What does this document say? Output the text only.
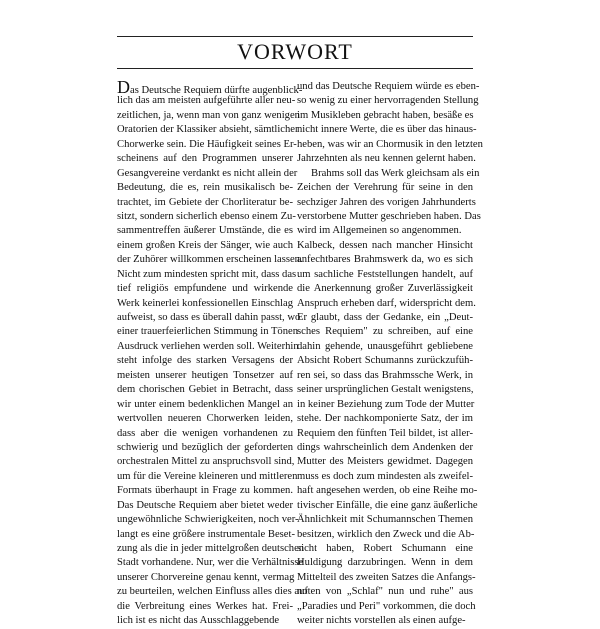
VORWORT
Das Deutsche Requiem dürfte augenblick-
lich das am meisten aufgeführte aller neu-
zeitlichen, ja, wenn man von ganz wenigen
Oratorien der Klassiker absieht, sämtlicher
Chorwerke sein. Die Häufigkeit seines Er-
scheinens auf den Programmen unserer
Gesangvereine verdankt es nicht allein der
Bedeutung, die es, rein musikalisch be-
trachtet, im Gebiete der Chorliteratur be-
sitzt, sondern sicherlich ebenso einem Zu-
sammentreffen äußerer Umstände, die es
einem großen Kreis der Sänger, wie auch
der Zuhörer willkommen erscheinen lassen.
Nicht zum mindesten spricht mit, dass das
tief religiös empfundene und wirkende
Werk keinerlei konfessionellen Einschlag
aufweist, so dass es überall dahin passt, wo
einer trauerfeierlichen Stimmung in Tönen
Ausdruck verliehen werden soll. Weiterhin
steht infolge des starken Versagens der
meisten unserer heutigen Tonsetzer auf
dem chorischen Gebiet in Betracht, dass
wir unter einem bedenklichen Mangel an
wertvollen neueren Chorwerken leiden,
dass aber die wenigen vorhandenen zu
schwierig und bezüglich der geforderten
orchestralen Mittel zu anspruchsvoll sind,
um für die Vereine kleineren und mittleren
Formats überhaupt in Frage zu kommen.
Das Deutsche Requiem aber bietet weder
ungewöhnliche Schwierigkeiten, noch ver-
langt es eine größere instrumentale Beset-
zung als die in jeder mittelgroßen deutschen
Stadt vorhandene. Nur, wer die Verhältnisse
unserer Chorvereine genau kennt, vermag
zu beurteilen, welchen Einfluss alles dies auf
die Verbreitung eines Werkes hat. Frei-
lich ist es nicht das Ausschlaggebende
und das Deutsche Requiem würde es eben-
so wenig zu einer hervorragenden Stellung
im Musikleben gebracht haben, besäße es
nicht innere Werte, die es über das hinaus-
heben, was wir an Chormusik in den letzten
Jahrzehnten als neu kennen gelernt haben.
Brahms soll das Werk gleichsam als ein
Zeichen der Verehrung für seine in den
sechziger Jahren des vorigen Jahrhunderts
verstorbene Mutter geschrieben haben. Das
wird im Allgemeinen so angenommen.
Kalbeck, dessen nach mancher Hinsicht
anfechtbares Brahmswerk da, wo es sich
um sachliche Feststellungen handelt, auf
die Anerkennung großer Zuverlässigkeit
Anspruch erheben darf, widerspricht dem.
Er glaubt, dass der Gedanke, ein „Deut-
sches Requiem" zu schreiben, auf eine
dahin gehende, unausgeführt gebliebene
Absicht Robert Schumanns zurückzufüh-
ren sei, so dass das Brahmssche Werk, in
seiner ursprünglichen Gestalt wenigstens,
in keiner Beziehung zum Tode der Mutter
stehe. Der nachkomponierte Satz, der im
Requiem den fünften Teil bildet, ist aller-
dings wahrscheinlich dem Andenken der
Mutter des Meisters gewidmet. Dagegen
muss es doch zum mindesten als zweifel-
haft angesehen werden, ob eine Reihe mo-
tivischer Einfälle, die eine ganz äußerliche
Ähnlichkeit mit Schumannschen Themen
besitzen, wirklich den Zweck und die Ab-
sicht haben, Robert Schumann eine
Huldigung darzubringen. Wenn in dem
Mittelteil des zweiten Satzes die Anfangs-
noten von „Schlaf" nun und ruhe" aus
„Paradies und Peri" vorkommen, die doch
weiter nichts vorstellen als einen aufge-
